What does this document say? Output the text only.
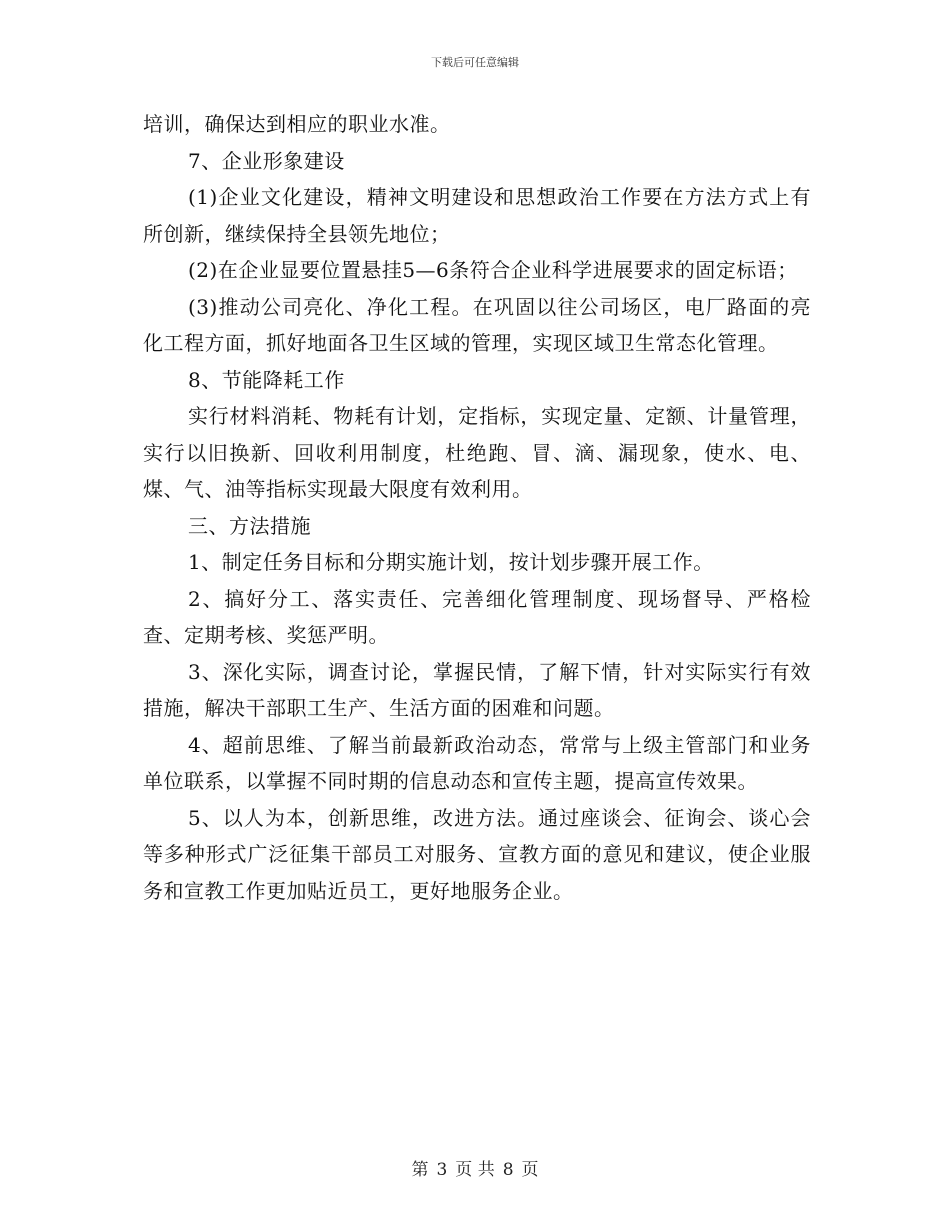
下载后可任意编辑

培训，确保达到相应的职业水准。

7、企业形象建设

(1)企业文化建设，精神文明建设和思想政治工作要在方法方式上有所创新，继续保持全县领先地位；

(2)在企业显要位置悬挂5—6条符合企业科学进展要求的固定标语；

(3)推动公司亮化、净化工程。在巩固以往公司场区，电厂路面的亮化工程方面，抓好地面各卫生区域的管理，实现区域卫生常态化管理。

8、节能降耗工作

实行材料消耗、物耗有计划，定指标，实现定量、定额、计量管理，实行以旧换新、回收利用制度，杜绝跑、冒、滴、漏现象，使水、电、煤、气、油等指标实现最大限度有效利用。

三、方法措施

1、制定任务目标和分期实施计划，按计划步骤开展工作。

2、搞好分工、落实责任、完善细化管理制度、现场督导、严格检查、定期考核、奖惩严明。

3、深化实际，调查讨论，掌握民情，了解下情，针对实际实行有效措施，解决干部职工生产、生活方面的困难和问题。

4、超前思维、了解当前最新政治动态，常常与上级主管部门和业务单位联系，以掌握不同时期的信息动态和宣传主题，提高宣传效果。

5、以人为本，创新思维，改进方法。通过座谈会、征询会、谈心会等多种形式广泛征集干部员工对服务、宣教方面的意见和建议，使企业服务和宣教工作更加贴近员工，更好地服务企业。

第 3 页 共 8 页
